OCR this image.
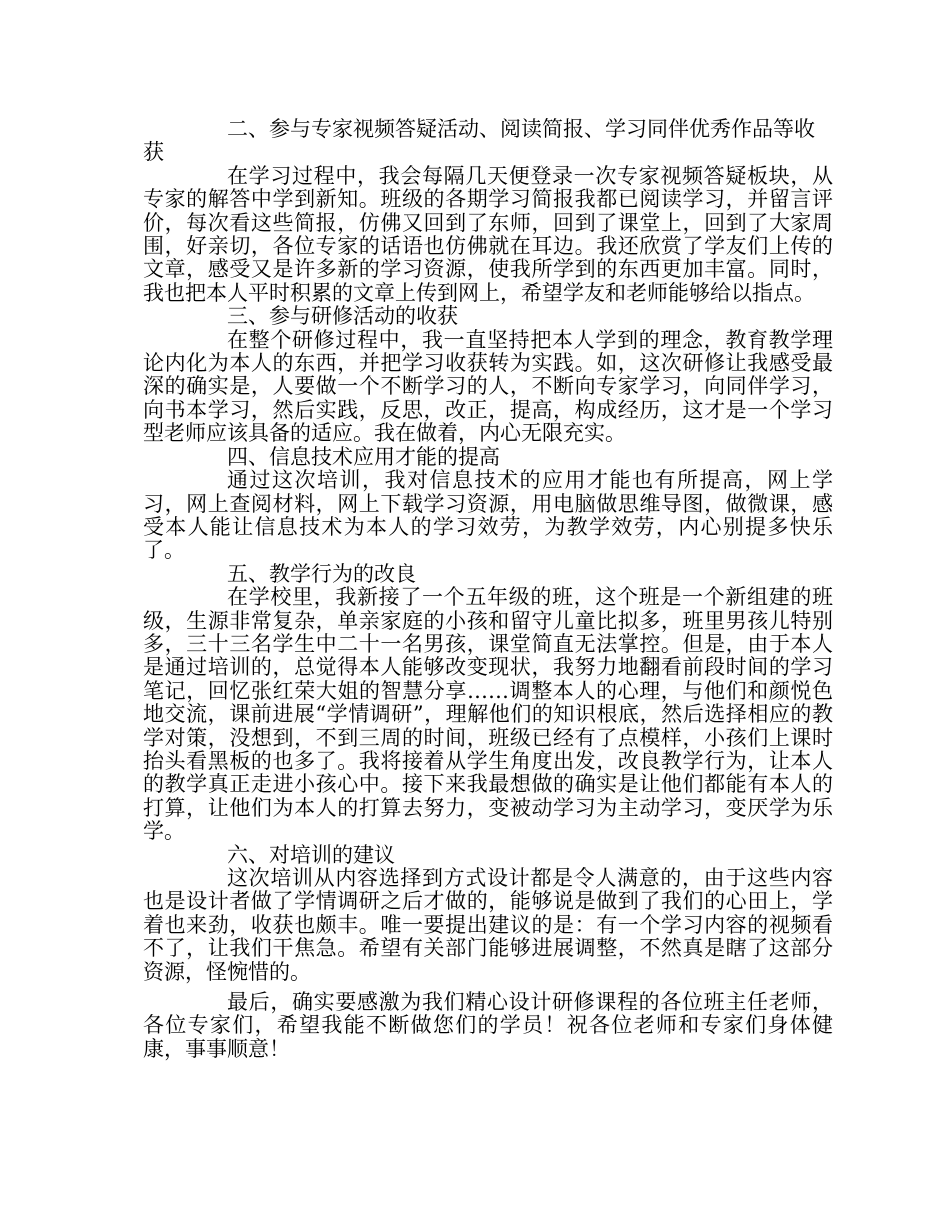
二、参与专家视频答疑活动、阅读简报、学习同伴优秀作品等收获

在学习过程中，我会每隔几天便登录一次专家视频答疑板块，从专家的解答中学到新知。班级的各期学习简报我都已阅读学习，并留言评价，每次看这些简报，仿佛又回到了东师，回到了课堂上，回到了大家周围，好亲切，各位专家的话语也仿佛就在耳边。我还欣赏了学友们上传的文章，感受又是许多新的学习资源，使我所学到的东西更加丰富。同时，我也把本人平时积累的文章上传到网上，希望学友和老师能够给以指点。

三、参与研修活动的收获

在整个研修过程中，我一直坚持把本人学到的理念，教育教学理论内化为本人的东西，并把学习收获转为实践。如，这次研修让我感受最深的确实是，人要做一个不断学习的人，不断向专家学习，向同伴学习，向书本学习，然后实践，反思，改正，提高，构成经历，这才是一个学习型老师应该具备的适应。我在做着，内心无限充实。

四、信息技术应用才能的提高

通过这次培训，我对信息技术的应用才能也有所提高，网上学习，网上查阅材料，网上下载学习资源，用电脑做思维导图，做微课，感受本人能让信息技术为本人的学习效劳，为教学效劳，内心别提多快乐了。

五、教学行为的改良

在学校里，我新接了一个五年级的班，这个班是一个新组建的班级，生源非常复杂，单亲家庭的小孩和留守儿童比拟多，班里男孩儿特别多，三十三名学生中二十一名男孩，课堂简直无法掌控。但是，由于本人是通过培训的，总觉得本人能够改变现状，我努力地翻看前段时间的学习笔记，回忆张红荣大姐的智慧分享……调整本人的心理，与他们和颜悦色地交流，课前进展“学情调研”，理解他们的知识根底，然后选择相应的教学对策，没想到，不到三周的时间，班级已经有了点模样，小孩们上课时抬头看黑板的也多了。我将接着从学生角度出发，改良教学行为，让本人的教学真正走进小孩心中。接下来我最想做的确实是让他们都能有本人的打算，让他们为本人的打算去努力，变被动学习为主动学习，变厌学为乐学。

六、对培训的建议

这次培训从内容选择到方式设计都是令人满意的，由于这些内容也是设计者做了学情调研之后才做的，能够说是做到了我们的心田上，学着也来劲，收获也颇丰。唯一要提出建议的是：有一个学习内容的视频看不了，让我们干焦急。希望有关部门能够进展调整，不然真是瞎了这部分资源，怪惋惜的。

最后，确实要感激为我们精心设计研修课程的各位班主任老师，各位专家们，希望我能不断做您们的学员！祝各位老师和专家们身体健康，事事顺意！
